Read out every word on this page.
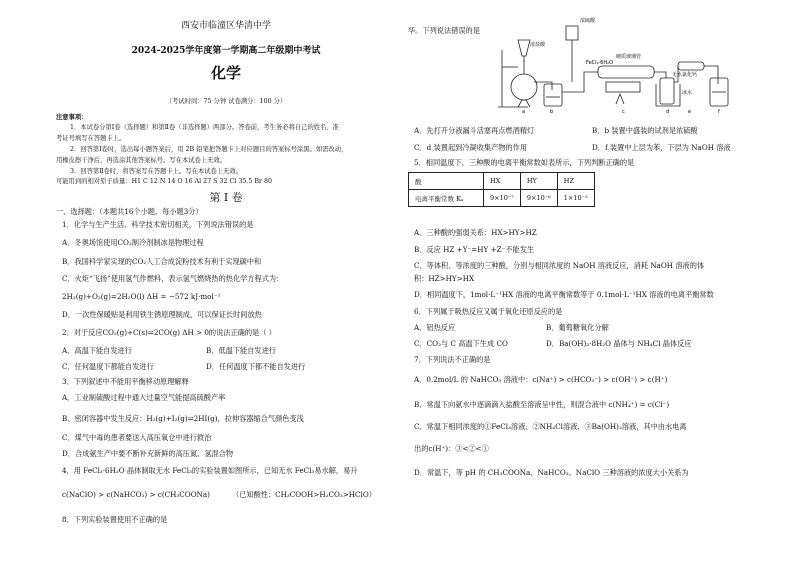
西安市临潼区华清中学
2024-2025学年度第一学期高二年级期中考试
化学
（考试时间：75 分钟 试卷满分：100 分）
注意事项：
1．本试卷分第Ⅰ卷（选择题）和第Ⅱ卷（非选择题）两部分。答卷前，考生务必将自己的姓名、准
考证号填写在答题卡上。
2．回答第Ⅰ卷时，选出每小题答案后，用 2B 铅笔把答题卡上对应题目的答案标号涂黑。如需改动，
用橡皮擦干净后，再选涂其他答案标号。写在本试卷上无效。
3．回答第Ⅱ卷时，将答案写在答题卡上。写在本试卷上无效。
可能用到的相对原子质量：H1 C 12 N 14 O 16 Al 27 S 32 Cl 35.5 Br 80
第 Ⅰ 卷
一、选择题：（本题共16个小题，每小题3分）
1．化学与生产生活、科学技术密切相关，下列说法错误的是
A．冬奥场馆使用CO₂制冷剂制冰是物理过程
B．我国科学家实现的CO₂人工合成淀粉技术有利于实现碳中和
C．火炬“飞扬”使用氢气作燃料，表示氢气燃烧热的热化学方程式为：
2H₂(g)+O₂(g)=2H₂O(l) ΔH = −572 kJ·mol⁻¹
D．一次性保暖贴是利用铁生锈原理制成，可以保证长时间放热
2．对于反应CO₂(g)+C(s)⇌2CO(g) ΔH > 0的说法正确的是（ ）
A．高温下能自发进行	B．低温下能自发进行
C．任何温度下都能自发进行	D．任何温度下都不能自发进行
3．下列叙述中不能用平衡移动原理解释
A．工业制硫酸过程中通入过量空气能提高硫酸产率
B．密闭容器中发生反应：H₂(g)+I₂(g)⇌2HI(g)，拉伸容器缩合气颜色变浅
C．煤气中毒的患者要送入高压氧仓中进行救治
D．合成氨生产中要不断补充新鲜的高压氮、氢混合物
4．用 FeCl₃·6H₂O 晶体制取无水 FeCl₃的实验装置如图所示，已知无水 FeCl₃易水解，易升
c(NaClO) > c(NaHCO₃) > c(CH₃COONa)	（已知酸性：CH₃COOH>H₂CO₃>HClO）
8．下列实验装置使用不正确的是
华。下列说法错误的是
浓硫酸
浓盐酸
FeCl₃·6H₂O
硬质玻璃管
无水氯化钙
冰水
a	b	c	d	e	f
A．先打开分液漏斗活塞再点燃酒精灯	B．b 装置中盛装的试剂是浓硫酸
C．d 装置起到冷凝收集产物的作用	D．f 装置中上层为苯，下层为 NaOH 溶液
5．相同温度下，三种酸的电离平衡常数如表所示，下列判断正确的是
酸	HX	HY	HZ
电离平衡常数 Kₐ	9×10⁻⁷	9×10⁻⁶	1×10⁻²
A．三种酸的强弱关系：HX>HY>HZ
B．反应 HZ +Y⁻=HY +Z⁻不能发生
C．等体积、等浓度的三种酸，分别与相同浓度的 NaOH 溶液反应，消耗 NaOH 溶液的体
积：HZ>HY>HX
D．相同温度下，1mol·L⁻¹HX 溶液的电离平衡常数等于 0.1mol·L⁻¹HX 溶液的电离平衡常数
6．下列属于吸热反应又属于氧化还原反应的是
A．铝热反应	B．葡萄糖氧化分解
C．CO₂与 C 高温下生成 CO	D．Ba(OH)₂·8H₂O 晶体与 NH₄Cl 晶体反应
7．下列说法不正确的是
A．0.2mol/L 的 NaHCO₃ 溶液中：c(Na⁺) > c(HCO₃⁻) > c(OH⁻) > c(H⁺)
B．常温下向氨水中逐滴滴入盐酸至溶液呈中性，则混合液中 c(NH₄⁺) = c(Cl⁻)
C．常温下相同浓度的①FeCl₃溶液、②NH₄Cl溶液、③Ba(OH)₂溶液，其中由水电离
出的c(H⁺)：③<②<①
D．常温下，等 pH 的 CH₃COONa、NaHCO₃、NaClO 三种溶液的浓度大小关系为
